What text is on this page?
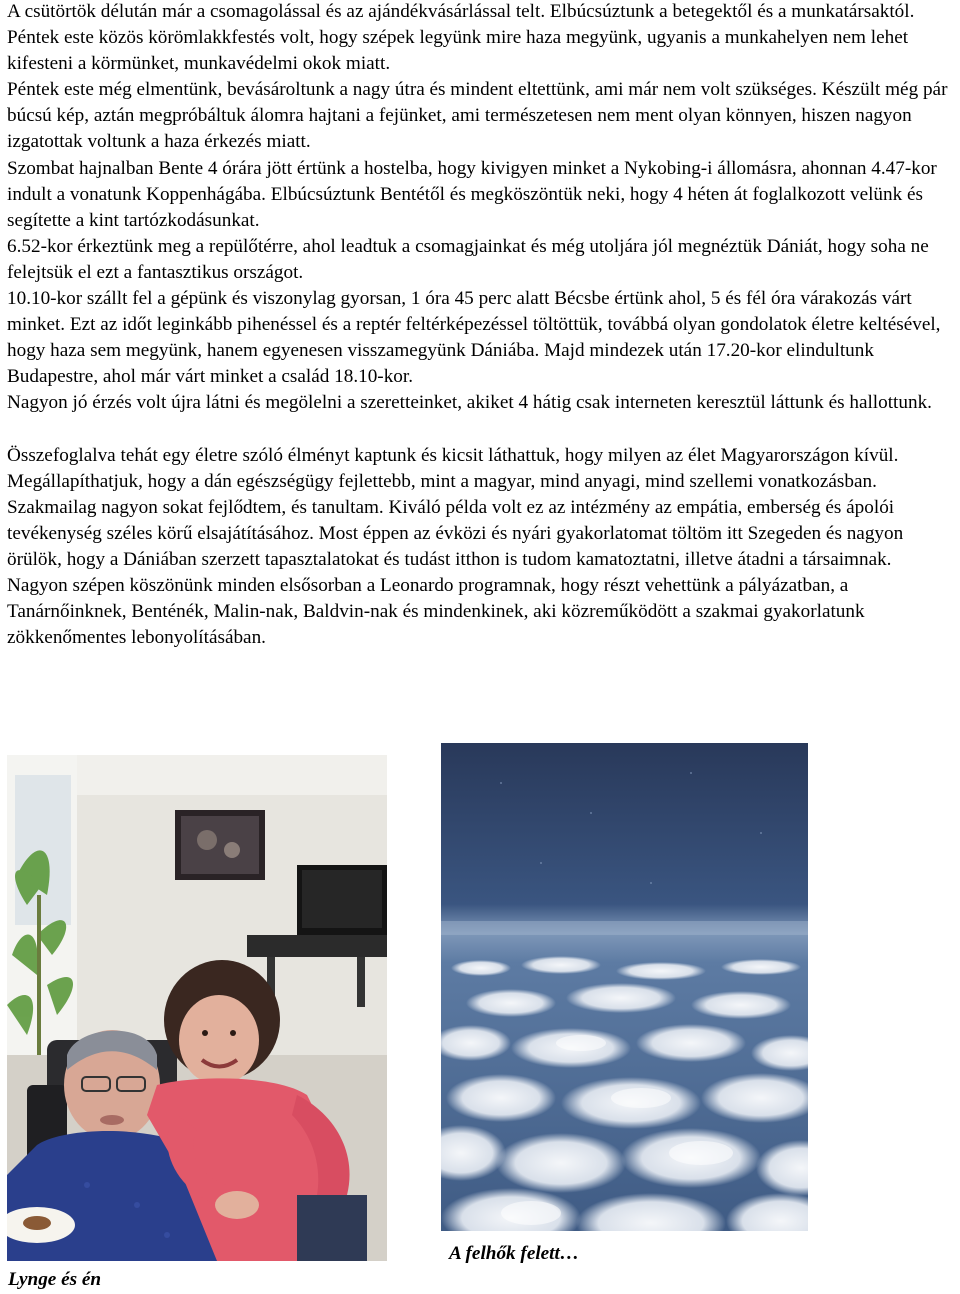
A csütörtök délután már a csomagolással és az ajándékvásárlással telt. Elbúcsúztunk a betegektől és a munkatársaktól.

Péntek este közös körömlakkfestés volt, hogy szépek legyünk mire haza megyünk, ugyanis a munkahelyen nem lehet kifesteni a körmünket, munkavédelmi okok miatt.

Péntek este még elmentünk, bevásároltunk a nagy útra és mindent eltettünk, ami már nem volt szükséges. Készült még pár búcsú kép, aztán megpróbáltuk álomra hajtani a fejünket, ami természetesen nem ment olyan könnyen, hiszen nagyon izgatottak voltunk a haza érkezés miatt.

Szombat hajnalban Bente 4 órára jött értünk a hostelba, hogy kivigyen minket a Nykobing-i állomásra, ahonnan 4.47-kor indult a vonatunk Koppenhágába. Elbúcsúztunk Bentétől és megköszöntük neki, hogy 4 héten át foglalkozott velünk és segítette a kint tartózkodásunkat.

6.52-kor érkeztünk meg a repülőtérre, ahol leadtuk a csomagjainkat és még utoljára jól megnéztük Dániát, hogy soha ne felejtsük el ezt a fantasztikus országot.

10.10-kor szállt fel a gépünk és viszonylag gyorsan, 1 óra 45 perc alatt Bécsbe értünk ahol, 5 és fél óra várakozás várt minket. Ezt az időt leginkább pihenéssel és a reptér feltérképezéssel töltöttük, továbbá olyan gondolatok életre keltésével, hogy haza sem megyünk, hanem egyenesen visszamegyünk Dániába. Majd mindezek után 17.20-kor elindultunk Budapestre, ahol már várt minket a család 18.10-kor.

Nagyon jó érzés volt újra látni és megölelni a szeretteinket, akiket 4 hátig csak interneten keresztül láttunk és hallottunk.

Összefoglalva tehát egy életre szóló élményt kaptunk és kicsit láthattuk, hogy milyen az élet Magyarországon kívül. Megállapíthatjuk, hogy a dán egészségügy fejlettebb, mint a magyar, mind anyagi, mind szellemi vonatkozásban. Szakmailag nagyon sokat fejlődtem, és tanultam. Kiváló példa volt ez az intézmény az empátia, emberség és ápolói tevékenység széles körű elsajátításához. Most éppen az évközi és nyári gyakorlatomat töltöm itt Szegeden és nagyon örülök, hogy a Dániában szerzett tapasztalatokat és tudást itthon is tudom kamatoztatni, illetve átadni a társaimnak.

Nagyon szépen köszönünk minden elsősorban a Leonardo programnak, hogy részt vehettünk a pályázatban, a Tanárnőinknek, Benténék, Malin-nak, Baldvin-nak és mindenkinek, aki közreműködött a szakmai gyakorlatunk zökkenőmentes lebonyolításában.

A felhők felett…
Lynge és én
